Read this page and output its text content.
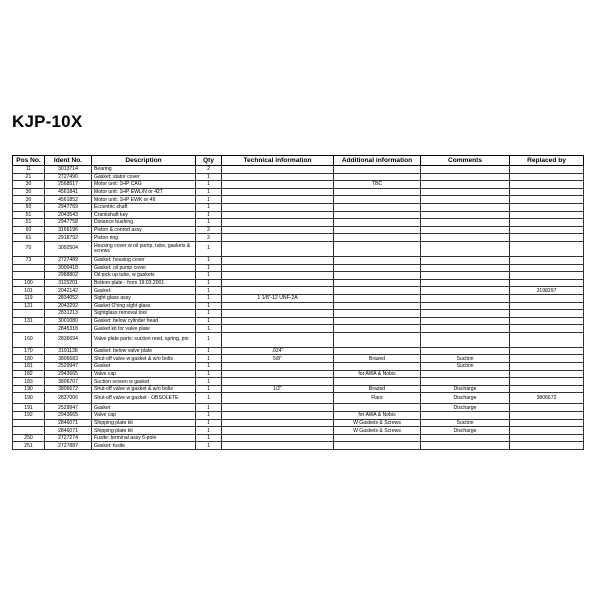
KJP-10X
Pos No.	Ident No.	Description	Qty	Technical information	Additional information	Comments	Replaced by
11	3013714	Bearing	2				
21	2727490	Gasket: stator cover	1				
30	2568517	Motor unit: 1HP CAG	1		TBC		
30	4561841	Motor unit: 1HP EWL/N or 42T	1				
30	4561852	Motor unit: 1HP EWK or 49	1				
50	2947769	Eccentric shaft	1				
51	2043543	Crankshaft key	1				
51	2947758	Distance bushing	1				
60	3166196	Piston & conrod assy	2				
61	2918792	Piston ring	2				
70	3092504	Housing cover w oil pump, tube, gaskets & screws	1				
73	2727489	Gasket: housing cover	1				
	3000418	Gasket: oil pump cover	1				
	2988802	Oil pick up tube, w gaskets	1				
100	3115201	Bottom plate - from 19.03.2001	1				
101	2042142	Gasket	1				3198297
119	2834052	Sight glass assy	1	1 1/8"-12 UNF-2A			
121	2043292	Gasket O'ring sight glass	1				
	2831213	Sightglass removal tool	1				
131	3001080	Gasket: below cylinder head	1				
	2845318	Gasket kit for valve plate	1				
160	2836694	Valve plate parts: suction reed, spring, pin	1				
170	3191138	Gasket: below valve plate	1	.024"			
180	3806683	Shut-off valve w gasket & w/o bolts	1	5/8"	Brazed	Suction	
181	2529947	Gasket	1			Suction	
182	2943665	Valve cap	1		for AWA & Nobis		
183	3806707	Suction screen w gasket	1				
190	3806672	Shut-off valve w gasket & w/o bolts	1	1/2"	Brazed	Discharge	
190	2837006	Shut-off valve w gasket - OBSOLETE	1		Flare	Discharge	3806672
191	2529947	Gasket	1			Discharge	
192	2943665	Valve cap	1		for AWA & Nobis		
	2846071	Shipping plate kit	1		W Gaskets & Screws	Suction	
	2846071	Shipping plate kit	1		W Gaskets & Screws	Discharge	
250	2727274	Fusite: terminal assy 6-pole	1				
251	2727887	Gasket: fusite	1				
